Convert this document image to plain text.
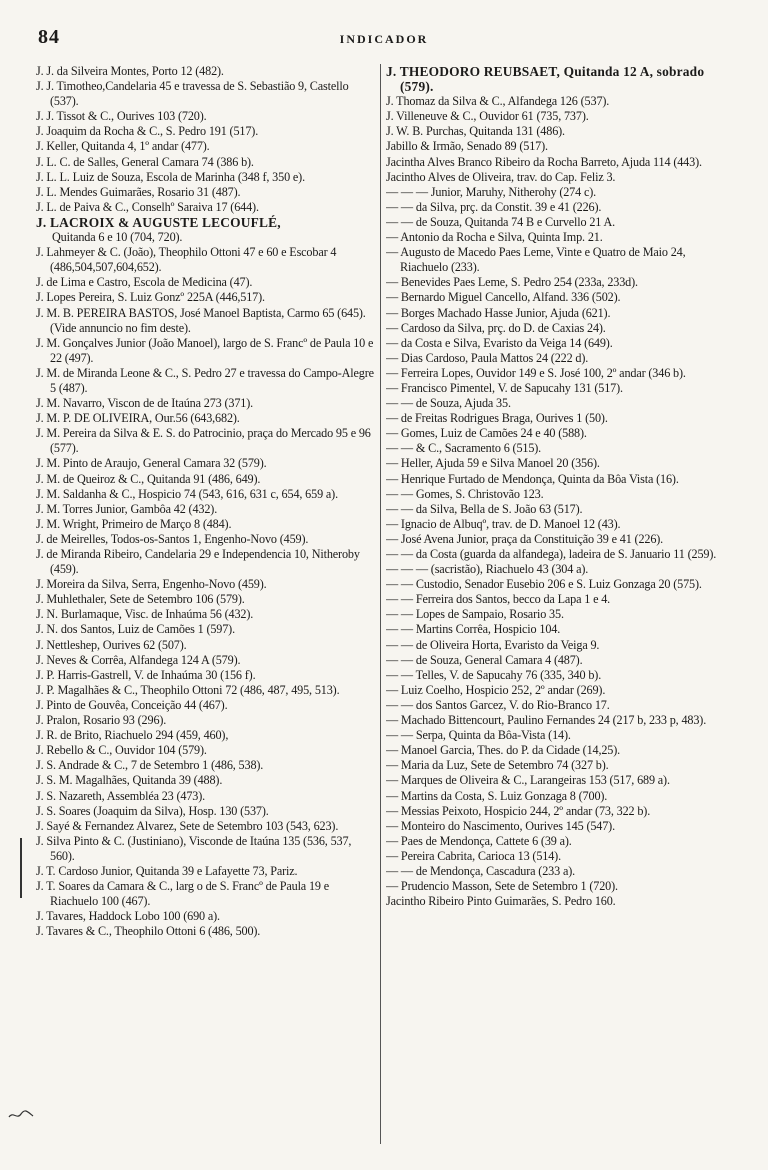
84	INDICADOR

J. J. da Silveira Montes, Porto 12 (482).

J. J. Timotheo,Candelaria 45 e travessa de S. Sebastião 9, Castello (537).

J. J. Tissot & C., Ourives 103 (720).

J. Joaquim da Rocha & C., S. Pedro 191 (517).

J. Keller, Quitanda 4, 1º andar (477).

J. L. C. de Salles, General Camara 74 (386 b).

J. L. L. Luiz de Souza, Escola de Marinha (348 f, 350 e).

J. L. Mendes Guimarães, Rosario 31 (487).

J. L. de Paiva & C., Conselhº Saraiva 17 (644).

J. LACROIX & AUGUSTE LECOUFLÉ,

Quitanda 6 e 10 (704, 720).

J. Lahmeyer & C. (João), Theophilo Ottoni 47 e 60 e Escobar 4 (486,504,507,604,652).

J. de Lima e Castro, Escola de Medicina (47).

J. Lopes Pereira, S. Luiz Gonzº 225A (446,517).

J. M. B. PEREIRA BASTOS, José Manoel Baptista, Carmo 65 (645). (Vide annuncio no fim deste).

J. M. Gonçalves Junior (João Manoel), largo de S. Francº de Paula 10 e 22 (497).

J. M. de Miranda Leone & C., S. Pedro 27 e travessa do Campo-Alegre 5 (487).

J. M. Navarro, Viscon de de Itaúna 273 (371).

J. M. P. DE OLIVEIRA, Our.56 (643,682).

J. M. Pereira da Silva & E. S. do Patrocinio, praça do Mercado 95 e 96 (577).

J. M. Pinto de Araujo, General Camara 32 (579).

J. M. de Queiroz & C., Quitanda 91 (486, 649).

J. M. Saldanha & C., Hospicio 74 (543, 616, 631 c, 654, 659 a).

J. M. Torres Junior, Gambôa 42 (432).

J. M. Wright, Primeiro de Março 8 (484).

J. de Meirelles, Todos-os-Santos 1, Engenho-Novo (459).

J. de Miranda Ribeiro, Candelaria 29 e Independencia 10, Nitheroby (459).

J. Moreira da Silva, Serra, Engenho-Novo (459).

J. Muhlethaler, Sete de Setembro 106 (579).

J. N. Burlamaque, Visc. de Inhaúma 56 (432).

J. N. dos Santos, Luiz de Camões 1 (597).

J. Nettleshep, Ourives 62 (507).

J. Neves & Corrêa, Alfandega 124 A (579).

J. P. Harris-Gastrell, V. de Inhaúma 30 (156 f).

J. P. Magalhães & C., Theophilo Ottoni 72 (486, 487, 495, 513).

J. Pinto de Gouvêa, Conceição 44 (467).

J. Pralon, Rosario 93 (296).

J. R. de Brito, Riachuelo 294 (459, 460),

J. Rebello & C., Ouvidor 104 (579).

J. S. Andrade & C., 7 de Setembro 1 (486, 538).

J. S. M. Magalhães, Quitanda 39 (488).

J. S. Nazareth, Assembléa 23 (473).

J. S. Soares (Joaquim da Silva), Hosp. 130 (537).

J. Sayé & Fernandez Alvarez, Sete de Setembro 103 (543, 623).

J. Silva Pinto & C. (Justiniano), Visconde de Itaúna 135 (536, 537, 560).

J. T. Cardoso Junior, Quitanda 39 e Lafayette 73, Pariz.

J. T. Soares da Camara & C., larg o de S. Francº de Paula 19 e Riachuelo 100 (467).

J. Tavares, Haddock Lobo 100 (690 a).

J. Tavares & C., Theophilo Ottoni 6 (486, 500).

J. THEODORO REUBSAET, Quitanda 12 A, sobrado (579).

J. Thomaz da Silva & C., Alfandega 126 (537).

J. Villeneuve & C., Ouvidor 61 (735, 737).

J. W. B. Purchas, Quitanda 131 (486).

Jabillo & Irmão, Senado 89 (517).

Jacintha Alves Branco Ribeiro da Rocha Barreto, Ajuda 114 (443).

Jacintho Alves de Oliveira, trav. do Cap. Feliz 3.

— — — Junior, Maruhy, Nitherohy (274 c).

— — da Silva, prç. da Constit. 39 e 41 (226).

— — de Souza, Quitanda 74 B e Curvello 21 A.

— Antonio da Rocha e Silva, Quinta Imp. 21.

— Augusto de Macedo Paes Leme, Vinte e Quatro de Maio 24, Riachuelo (233).

— Benevides Paes Leme, S. Pedro 254 (233a, 233d).

— Bernardo Miguel Cancello, Alfand. 336 (502).

— Borges Machado Hasse Junior, Ajuda (621).

— Cardoso da Silva, prç. do D. de Caxias 24).

— da Costa e Silva, Evaristo da Veiga 14 (649).

— Dias Cardoso, Paula Mattos 24 (222 d).

— Ferreira Lopes, Ouvidor 149 e S. José 100, 2º andar (346 b).

— Francisco Pimentel, V. de Sapucahy 131 (517).

— — de Souza, Ajuda 35.

— de Freitas Rodrigues Braga, Ourives 1 (50).

— Gomes, Luiz de Camões 24 e 40 (588).

— — & C., Sacramento 6 (515).

— Heller, Ajuda 59 e Silva Manoel 20 (356).

— Henrique Furtado de Mendonça, Quinta da Bôa Vista (16).

— — Gomes, S. Christovão 123.

— — da Silva, Bella de S. João 63 (517).

— Ignacio de Albuqº, trav. de D. Manoel 12 (43).

— José Avena Junior, praça da Constituição 39 e 41 (226).

— — da Costa (guarda da alfandega), ladeira de S. Januario 11 (259).

— — — (sacristão), Riachuelo 43 (304 a).

— — Custodio, Senador Eusebio 206 e S. Luiz Gonzaga 20 (575).

— — Ferreira dos Santos, becco da Lapa 1 e 4.

— — Lopes de Sampaio, Rosario 35.

— — Martins Corrêa, Hospicio 104.

— — de Oliveira Horta, Evaristo da Veiga 9.

— — de Souza, General Camara 4 (487).

— — Telles, V. de Sapucahy 76 (335, 340 b).

— Luiz Coelho, Hospicio 252, 2º andar (269).

— — dos Santos Garcez, V. do Rio-Branco 17.

— Machado Bittencourt, Paulino Fernandes 24 (217 b, 233 p, 483).

— — Serpa, Quinta da Bôa-Vista (14).

— Manoel Garcia, Thes. do P. da Cidade (14,25).

— Maria da Luz, Sete de Setembro 74 (327 b).

— Marques de Oliveira & C., Larangeiras 153 (517, 689 a).

— Martins da Costa, S. Luiz Gonzaga 8 (700).

— Messias Peixoto, Hospicio 244, 2º andar (73, 322 b).

— Monteiro do Nascimento, Ourives 145 (547).

— Paes de Mendonça, Cattete 6 (39 a).

— Pereira Cabrita, Carioca 13 (514).

— — de Mendonça, Cascadura (233 a).

— Prudencio Masson, Sete de Setembro 1 (720).

Jacintho Ribeiro Pinto Guimarães, S. Pedro 160.
